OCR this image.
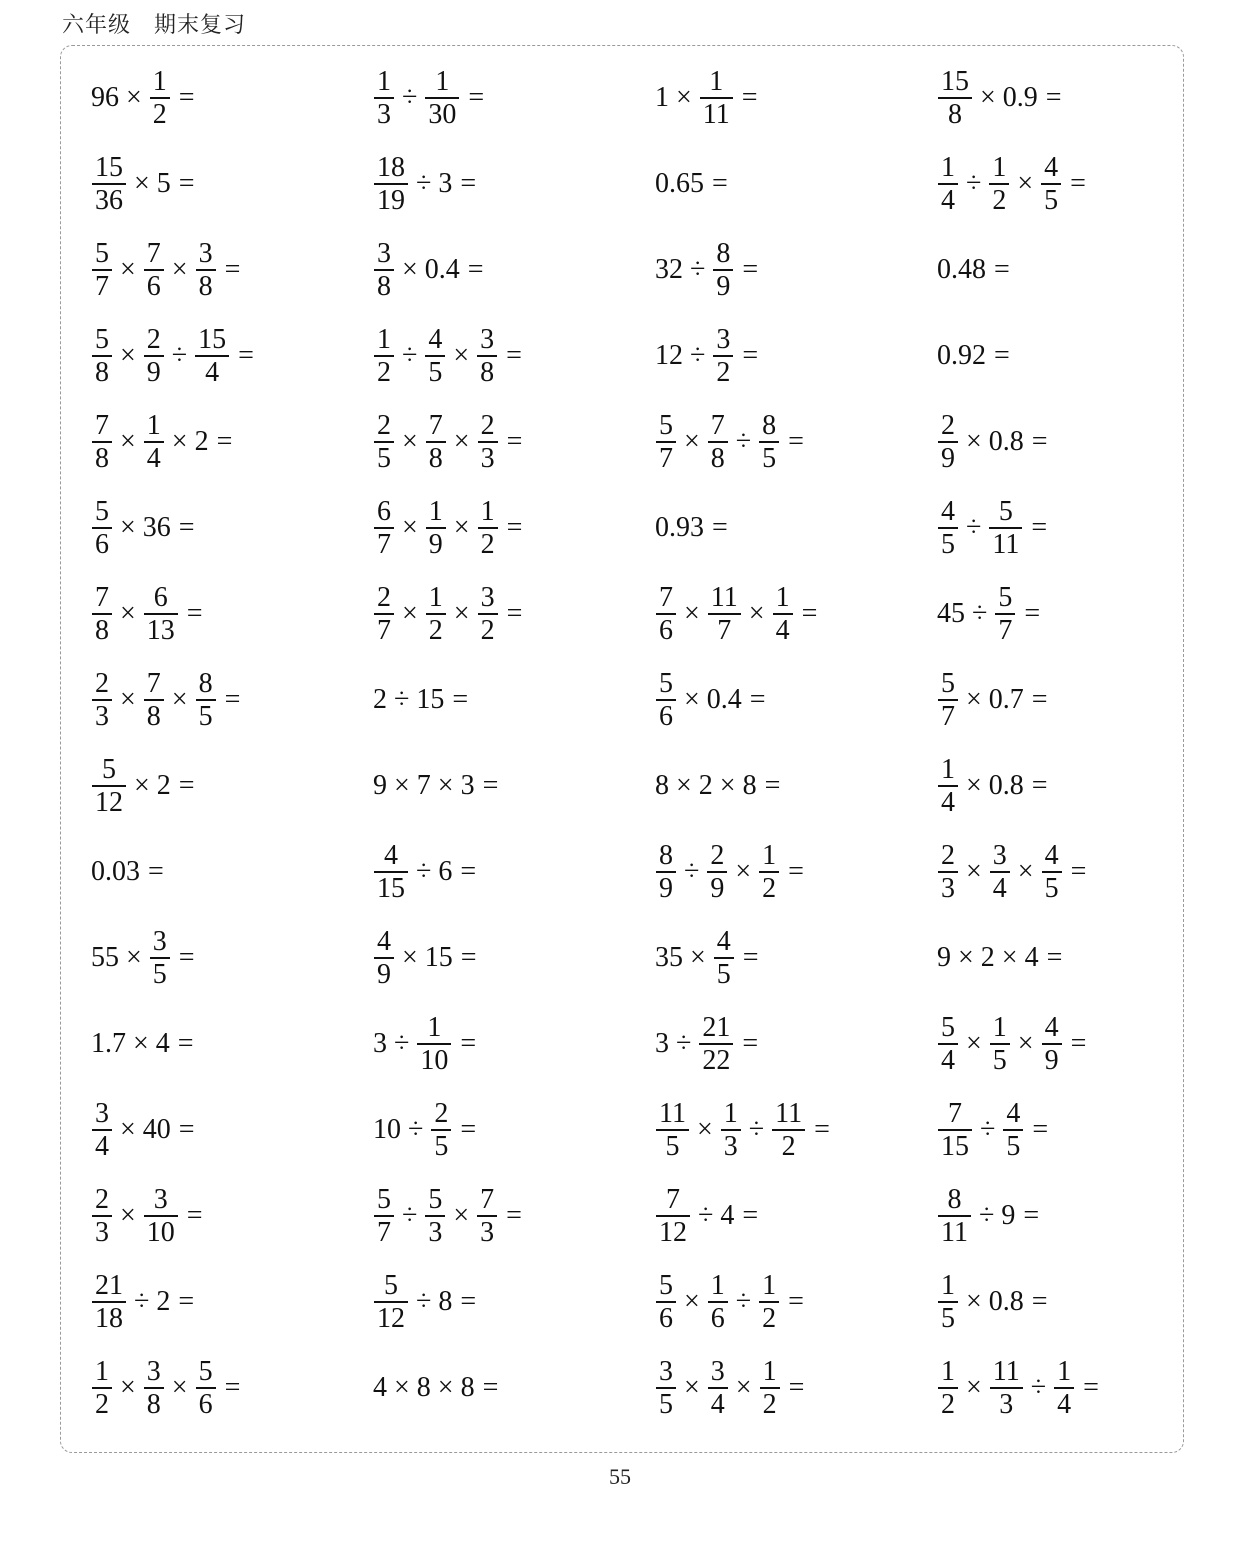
六年级　期末复习
$96 \times \frac{1}{2}$ =	$\frac{1}{3} \div \frac{1}{30}$ =	$1 \times \frac{1}{11}$ =	$\frac{15}{8} \times 0.9$ =
$\frac{15}{36} \times 5$ =	$\frac{18}{19} \div 3$ =	0.65 =	$\frac{1}{4} \div \frac{1}{2} \times \frac{4}{5}$ =
$\frac{5}{7} \times \frac{7}{6} \times \frac{3}{8}$ =	$\frac{3}{8} \times 0.4$ =	$32 \div \frac{8}{9}$ =	0.48 =
$\frac{5}{8} \times \frac{2}{9} \div \frac{15}{4}$ =	$\frac{1}{2} \div \frac{4}{5} \times \frac{3}{8}$ =	$12 \div \frac{3}{2}$ =	0.92 =
$\frac{7}{8} \times \frac{1}{4} \times 2$ =	$\frac{2}{5} \times \frac{7}{8} \times \frac{2}{3}$ =	$\frac{5}{7} \times \frac{7}{8} \div \frac{8}{5}$ =	$\frac{2}{9} \times 0.8$ =
$\frac{5}{6} \times 36$ =	$\frac{6}{7} \times \frac{1}{9} \times \frac{1}{2}$ =	0.93 =	$\frac{4}{5} \div \frac{5}{11}$ =
$\frac{7}{8} \times \frac{6}{13}$ =	$\frac{2}{7} \times \frac{1}{2} \times \frac{3}{2}$ =	$\frac{7}{6} \times \frac{11}{7} \times \frac{1}{4}$ =	$45 \div \frac{5}{7}$ =
$\frac{2}{3} \times \frac{7}{8} \times \frac{8}{5}$ =	2 ÷ 15 =	$\frac{5}{6} \times 0.4$ =	$\frac{5}{7} \times 0.7$ =
$\frac{5}{12} \times 2$ =	9 × 7 × 3 =	8 × 2 × 8 =	$\frac{1}{4} \times 0.8$ =
0.03 =	$\frac{4}{15} \div 6$ =	$\frac{8}{9} \div \frac{2}{9} \times \frac{1}{2}$ =	$\frac{2}{3} \times \frac{3}{4} \times \frac{4}{5}$ =
$55 \times \frac{3}{5}$ =	$\frac{4}{9} \times 15$ =	$35 \times \frac{4}{5}$ =	9 × 2 × 4 =
1.7 × 4 =	$3 \div \frac{1}{10}$ =	$3 \div \frac{21}{22}$ =	$\frac{5}{4} \times \frac{1}{5} \times \frac{4}{9}$ =
$\frac{3}{4} \times 40$ =	$10 \div \frac{2}{5}$ =	$\frac{11}{5} \times \frac{1}{3} \div \frac{11}{2}$ =	$\frac{7}{15} \div \frac{4}{5}$ =
$\frac{2}{3} \times \frac{3}{10}$ =	$\frac{5}{7} \div \frac{5}{3} \times \frac{7}{3}$ =	$\frac{7}{12} \div 4$ =	$\frac{8}{11} \div 9$ =
$\frac{21}{18} \div 2$ =	$\frac{5}{12} \div 8$ =	$\frac{5}{6} \times \frac{1}{6} \div \frac{1}{2}$ =	$\frac{1}{5} \times 0.8$ =
$\frac{1}{2} \times \frac{3}{8} \times \frac{5}{6}$ =	4 × 8 × 8 =	$\frac{3}{5} \times \frac{3}{4} \times \frac{1}{2}$ =	$\frac{1}{2} \times \frac{11}{3} \div \frac{1}{4}$ =
55
